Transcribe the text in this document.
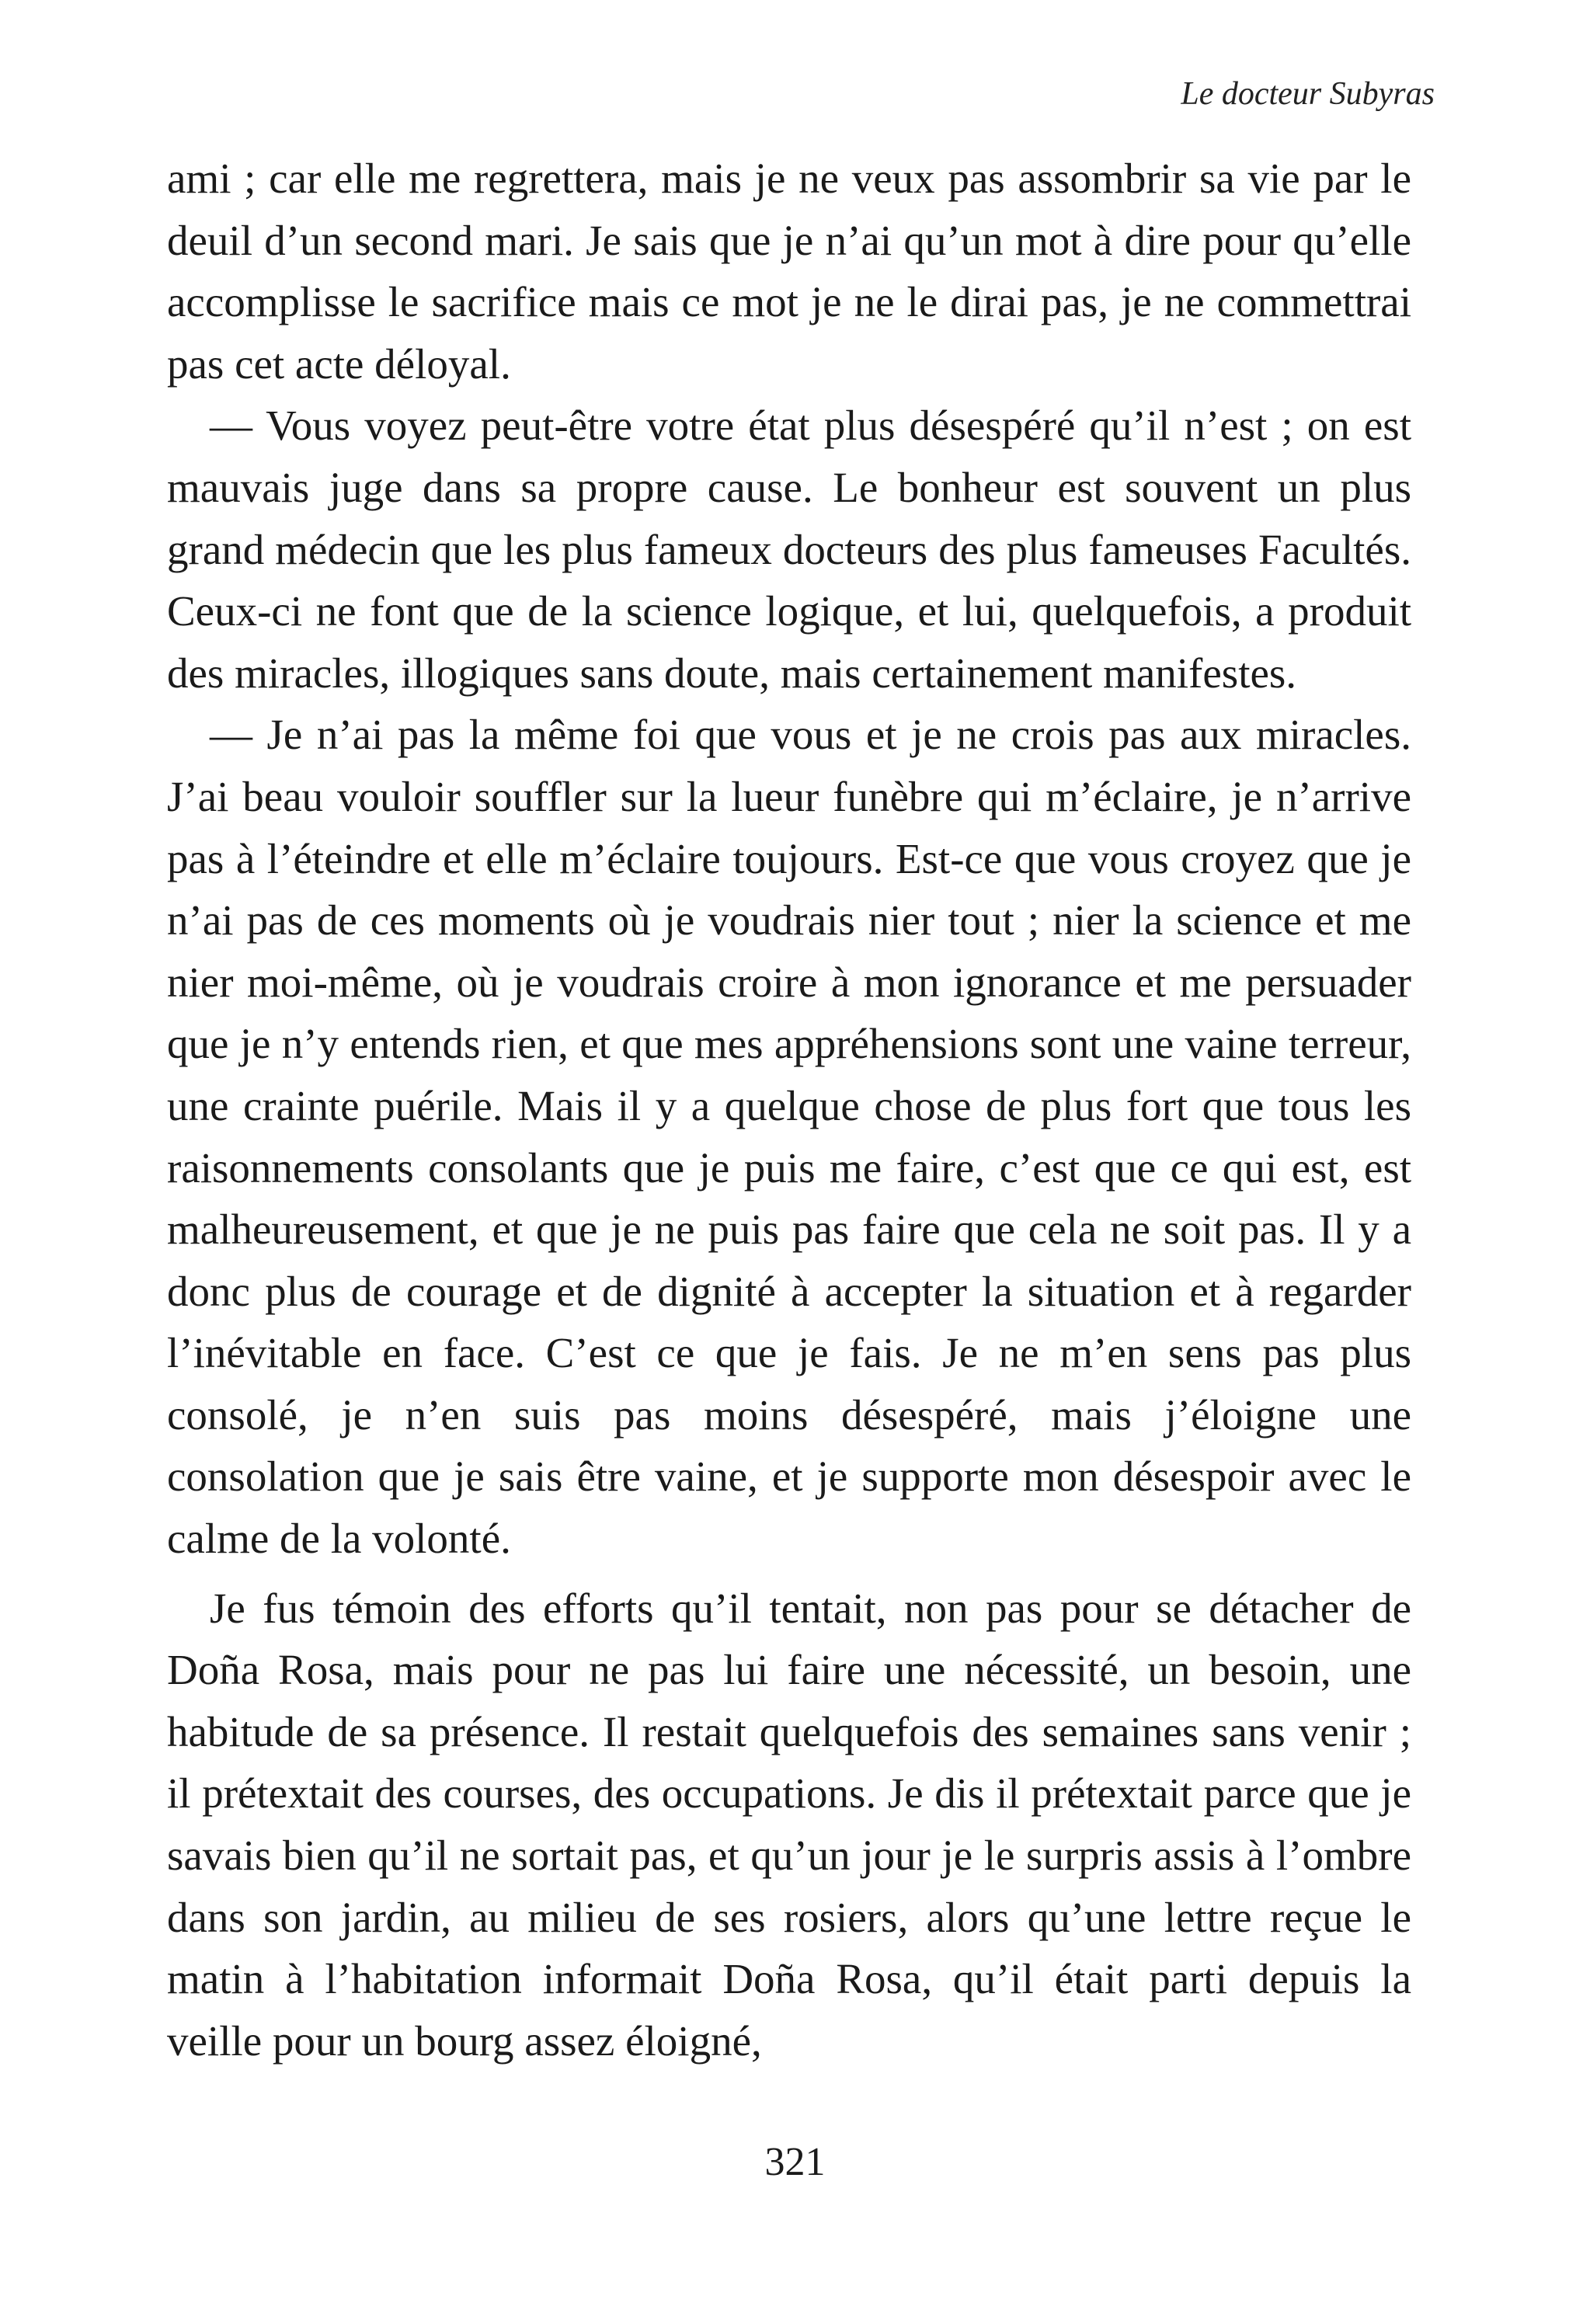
Le docteur Subyras

ami ; car elle me regrettera, mais je ne veux pas assombrir sa vie par le deuil d’un second mari. Je sais que je n’ai qu’un mot à dire pour qu’elle accomplisse le sacrifice mais ce mot je ne le dirai pas, je ne commettrai pas cet acte déloyal.

— Vous voyez peut-être votre état plus désespéré qu’il n’est ; on est mauvais juge dans sa propre cause. Le bonheur est souvent un plus grand médecin que les plus fameux docteurs des plus fameuses Facultés. Ceux-ci ne font que de la science logique, et lui, quelquefois, a produit des miracles, illogiques sans doute, mais certainement manifestes.

— Je n’ai pas la même foi que vous et je ne crois pas aux miracles. J’ai beau vouloir souffler sur la lueur funèbre qui m’éclaire, je n’arrive pas à l’éteindre et elle m’éclaire toujours. Est-ce que vous croyez que je n’ai pas de ces moments où je voudrais nier tout ; nier la science et me nier moi-même, où je voudrais croire à mon ignorance et me persuader que je n’y entends rien, et que mes appréhensions sont une vaine terreur, une crainte puérile. Mais il y a quelque chose de plus fort que tous les raisonnements consolants que je puis me faire, c’est que ce qui est, est malheureusement, et que je ne puis pas faire que cela ne soit pas. Il y a donc plus de courage et de dignité à accepter la situation et à regarder l’inévitable en face. C’est ce que je fais. Je ne m’en sens pas plus consolé, je n’en suis pas moins désespéré, mais j’éloigne une consolation que je sais être vaine, et je supporte mon désespoir avec le calme de la volonté.

Je fus témoin des efforts qu’il tentait, non pas pour se détacher de Doña Rosa, mais pour ne pas lui faire une nécessité, un besoin, une habitude de sa présence. Il restait quelquefois des semaines sans venir ; il prétextait des courses, des occupations. Je dis il prétextait parce que je savais bien qu’il ne sortait pas, et qu’un jour je le surpris assis à l’ombre dans son jardin, au milieu de ses rosiers, alors qu’une lettre reçue le matin à l’habitation informait Doña Rosa, qu’il était parti depuis la veille pour un bourg assez éloigné,

321
